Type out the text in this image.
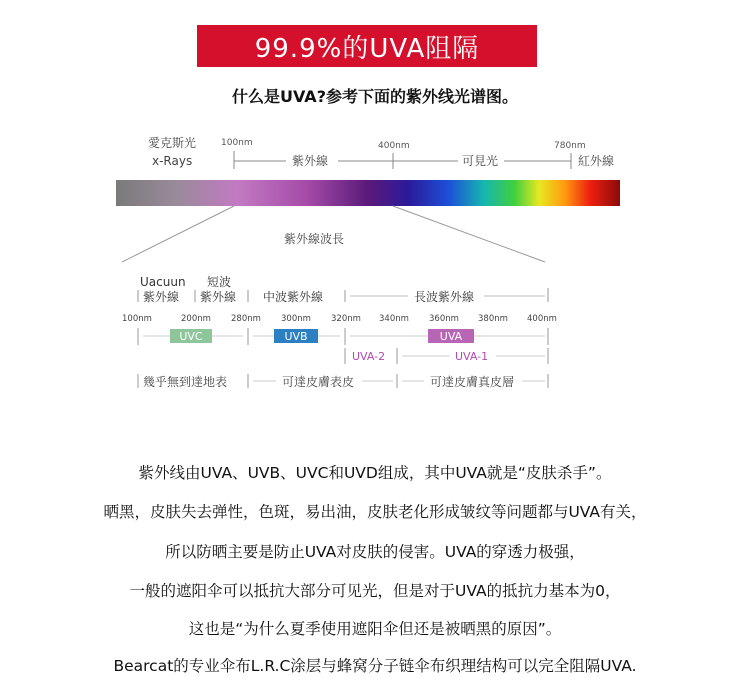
99.9%的UVA阻隔
什么是UVA?参考下面的紫外线光谱图。
愛克斯光
x-Rays
100nm	400nm	780nm
紫外線	可見光	紅外線
紫外線波長
Uacuun
紫外線
短波
紫外線 中波紫外線	長波紫外線
100nm	200nm 280nm 300nm 320nm 340nm 360nm 380nm 400nm
UVC	UVB	UVA
UVA-2	UVA-1
幾乎無到達地表	可達皮膚表皮	可達皮膚真皮層
紫外线由UVA、UVB、UVC和UVD组成，其中UVA就是“皮肤杀手”。
晒黑，皮肤失去弹性，色斑，易出油，皮肤老化形成皱纹等问题都与UVA有关，
所以防晒主要是防止UVA对皮肤的侵害。UVA的穿透力极强，
一般的遮阳伞可以抵抗大部分可见光，但是对于UVA的抵抗力基本为0，
这也是“为什么夏季使用遮阳伞但还是被晒黑的原因”。
Bearcat的专业伞布L.R.C涂层与蜂窝分子链伞布织理结构可以完全阻隔UVA.
